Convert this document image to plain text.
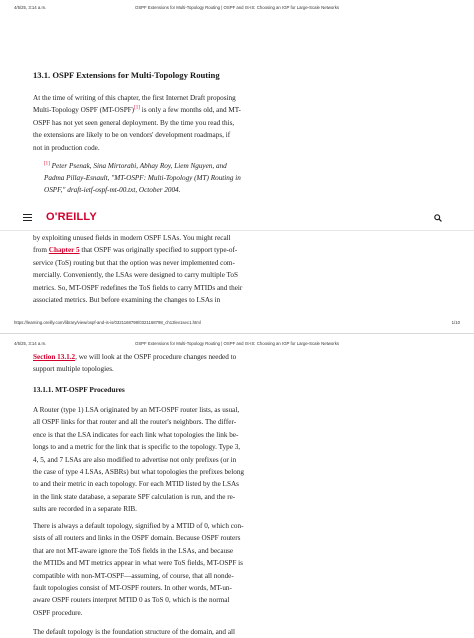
4/5/25, 3:14 a.m.	OSPF Extensions for Multi-Topology Routing | OSPF and IS-IS: Choosing an IGP for Large-Scale Networks
13.1. OSPF Extensions for Multi-Topology Routing
At the time of writing of this chapter, the first Internet Draft proposing
Multi-Topology OSPF (MT-OSPF)[1] is only a few months old, and MT-
OSPF has not yet seen general deployment. By the time you read this,
the extensions are likely to be on vendors' development roadmaps, if
not in production code.
[1] Peter Psenak, Sina Mirtorabi, Abhay Roy, Liem Nguyen, and
Padma Pillay-Esnault, "MT-OSPF: Multi-Topology (MT) Routing in
OSPF," draft-ietf-ospf-mt-00.txt, October 2004.
O'REILLY
by exploiting unused fields in modern OSPF LSAs. You might recall
from Chapter 5 that OSPF was originally specified to support type-of-
service (ToS) routing but that the option was never implemented com-
mercially. Conveniently, the LSAs were designed to carry multiple ToS
metrics. So, MT-OSPF redefines the ToS fields to carry MTIDs and their
associated metrics. But before examining the changes to LSAs in
https://learning.oreilly.com/library/view/ospf-and-is-is/0321168798/0321168798_ch13lev1sec1.html	1/10
4/5/25, 3:14 a.m.	OSPF Extensions for Multi-Topology Routing | OSPF and IS-IS: Choosing an IGP for Large-Scale Networks
Section 13.1.2, we will look at the OSPF procedure changes needed to
support multiple topologies.
13.1.1. MT-OSPF Procedures
A Router (type 1) LSA originated by an MT-OSPF router lists, as usual,
all OSPF links for that router and all the router's neighbors. The differ-
ence is that the LSA indicates for each link what topologies the link be-
longs to and a metric for the link that is specific to the topology. Type 3,
4, 5, and 7 LSAs are also modified to advertise not only prefixes (or in
the case of type 4 LSAs, ASBRs) but what topologies the prefixes belong
to and their metric in each topology. For each MTID listed by the LSAs
in the link state database, a separate SPF calculation is run, and the re-
sults are recorded in a separate RIB.
There is always a default topology, signified by a MTID of 0, which con-
sists of all routers and links in the OSPF domain. Because OSPF routers
that are not MT-aware ignore the ToS fields in the LSAs, and because
the MTIDs and MT metrics appear in what were ToS fields, MT-OSPF is
compatible with non-MT-OSPF—assuming, of course, that all nonde-
fault topologies consist of MT-OSPF routers. In other words, MT-un-
aware OSPF routers interpret MTID 0 as ToS 0, which is the normal
OSPF procedure.
The default topology is the foundation structure of the domain, and all
